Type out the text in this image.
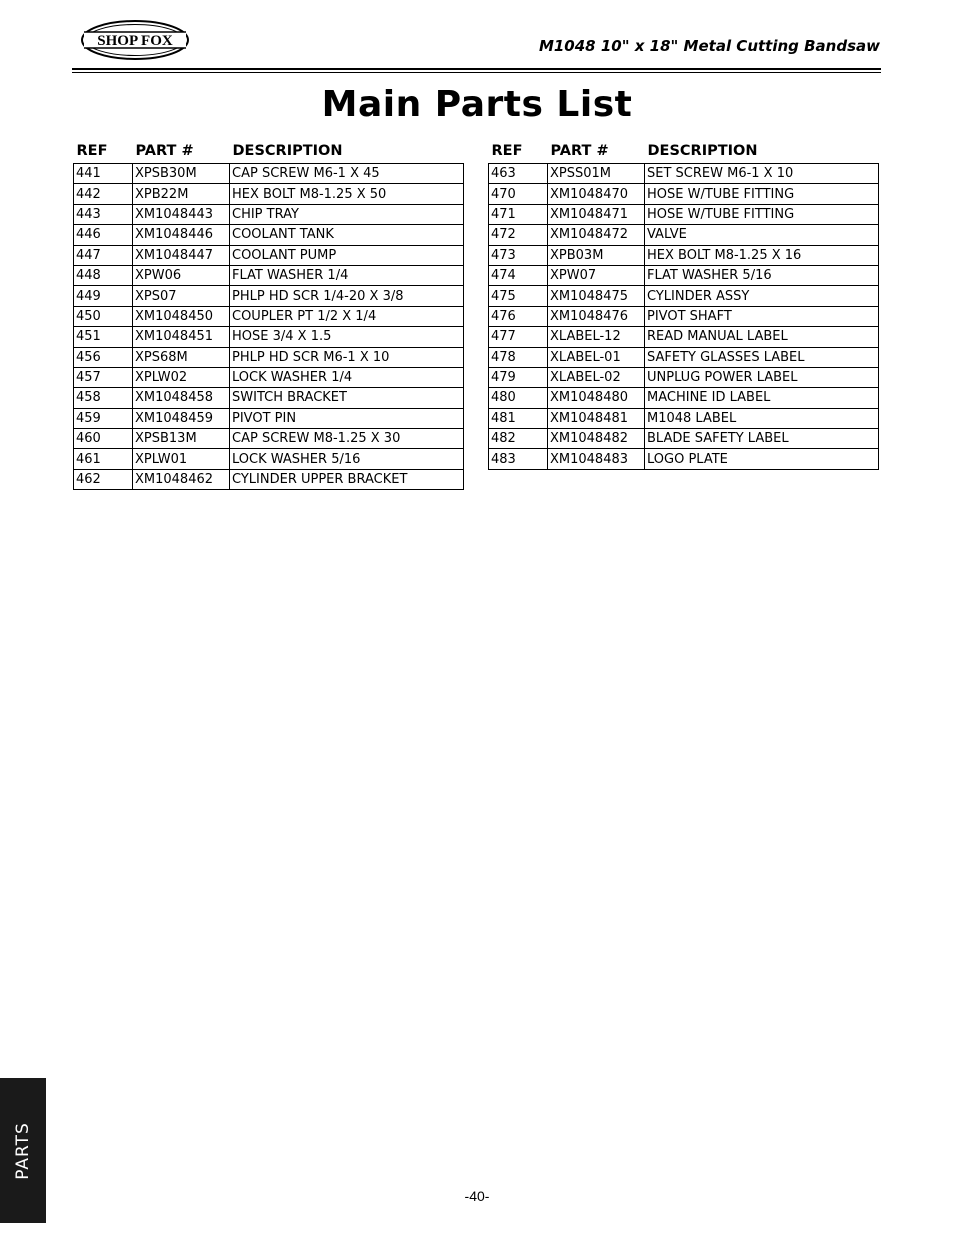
SHOP FOX	M1048 10" x 18" Metal Cutting Bandsaw
Main Parts List
REF	PART #	DESCRIPTION
441	XPSB30M	CAP SCREW M6-1 X 45
442	XPB22M	HEX BOLT M8-1.25 X 50
443	XM1048443	CHIP TRAY
446	XM1048446	COOLANT TANK
447	XM1048447	COOLANT PUMP
448	XPW06	FLAT WASHER 1/4
449	XPS07	PHLP HD SCR 1/4-20 X 3/8
450	XM1048450	COUPLER PT 1/2 X 1/4
451	XM1048451	HOSE 3/4 X 1.5
456	XPS68M	PHLP HD SCR M6-1 X 10
457	XPLW02	LOCK WASHER 1/4
458	XM1048458	SWITCH BRACKET
459	XM1048459	PIVOT PIN
460	XPSB13M	CAP SCREW M8-1.25 X 30
461	XPLW01	LOCK WASHER 5/16
462	XM1048462	CYLINDER UPPER BRACKET
REF	PART #	DESCRIPTION
463	XPSS01M	SET SCREW M6-1 X 10
470	XM1048470	HOSE W/TUBE FITTING
471	XM1048471	HOSE W/TUBE FITTING
472	XM1048472	VALVE
473	XPB03M	HEX BOLT M8-1.25 X 16
474	XPW07	FLAT WASHER 5/16
475	XM1048475	CYLINDER ASSY
476	XM1048476	PIVOT SHAFT
477	XLABEL-12	READ MANUAL LABEL
478	XLABEL-01	SAFETY GLASSES LABEL
479	XLABEL-02	UNPLUG POWER LABEL
480	XM1048480	MACHINE ID LABEL
481	XM1048481	M1048 LABEL
482	XM1048482	BLADE SAFETY LABEL
483	XM1048483	LOGO PLATE
PARTS
-40-
